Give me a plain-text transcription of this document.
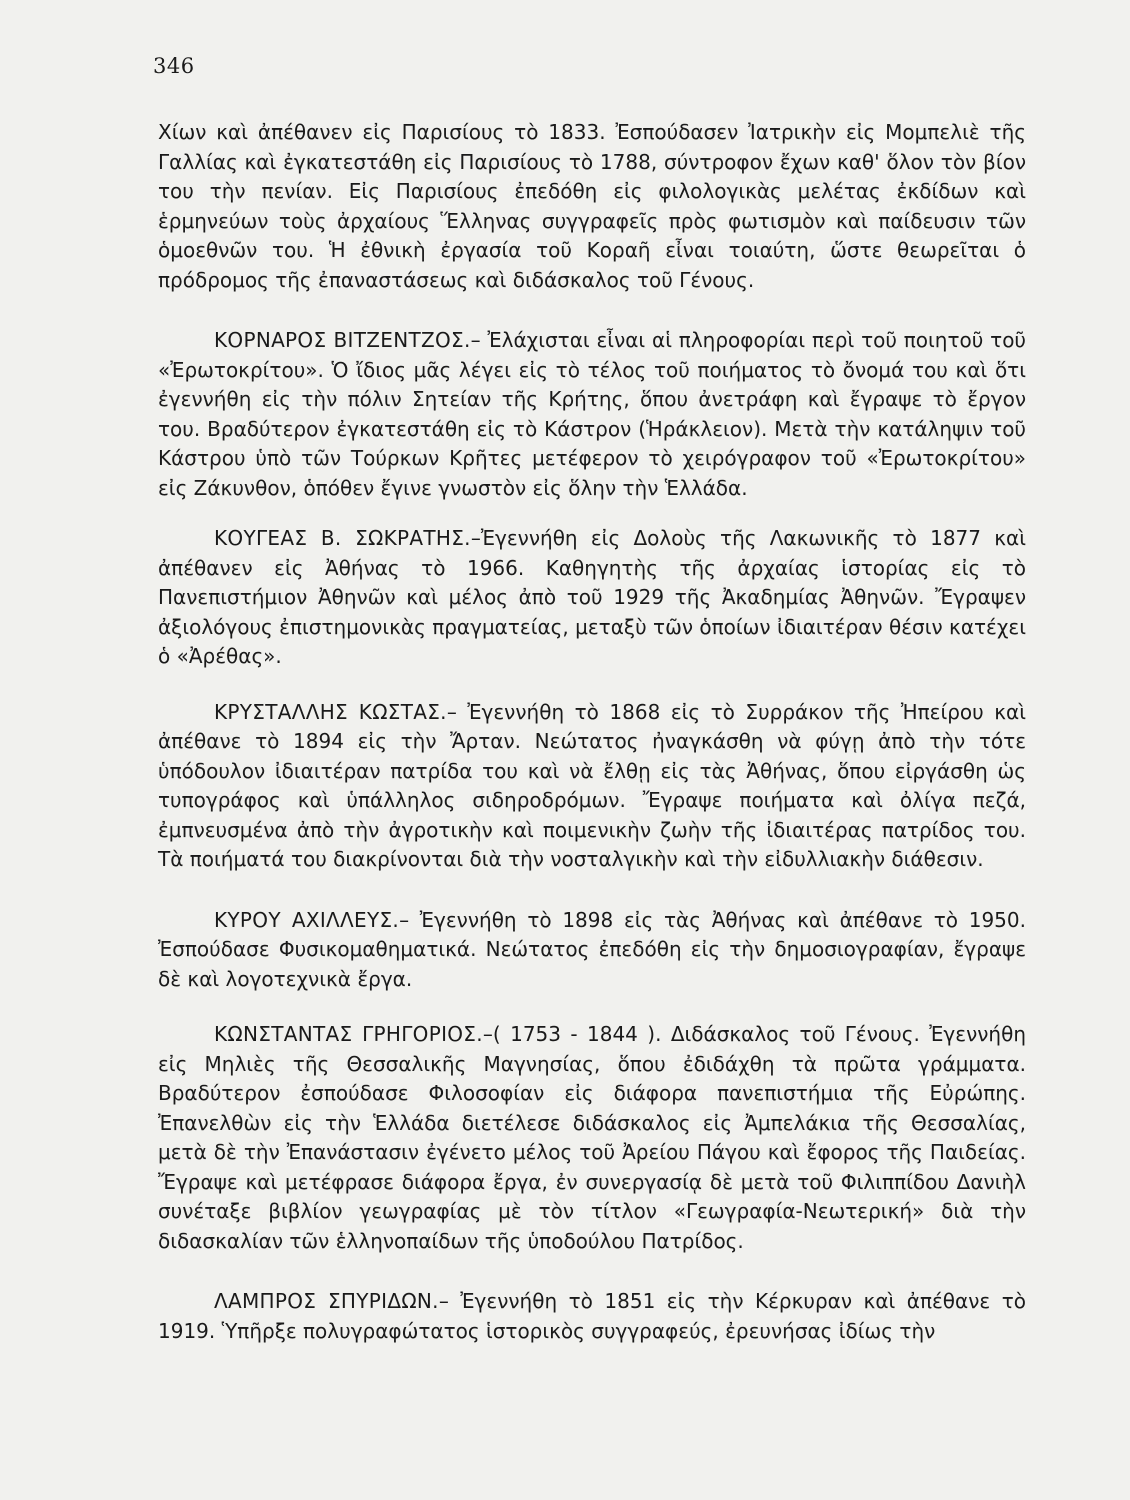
346

Χίων καὶ ἀπέθανεν εἰς Παρισίους τὸ 1833. Ἐσπούδασεν Ἰατρικὴν εἰς Μομπελιὲ τῆς Γαλλίας καὶ ἐγκατεστάθη εἰς Παρισίους τὸ 1788, σύντροφον ἔχων καθ' ὅλον τὸν βίον του τὴν πενίαν. Εἰς Παρισίους ἐπεδόθη εἰς φιλολογικὰς μελέτας ἐκδίδων καὶ ἑρμηνεύων τοὺς ἀρχαίους Ἕλληνας συγγραφεῖς πρὸς φωτισμὸν καὶ παίδευσιν τῶν ὁμοεθνῶν του. Ἡ ἐθνικὴ ἐργασία τοῦ Κοραῆ εἶναι τοιαύτη, ὥστε θεωρεῖται ὁ πρόδρομος τῆς ἐπαναστάσεως καὶ διδάσκαλος τοῦ Γένους.

ΚΟΡΝΑΡΟΣ ΒΙΤΖΕΝΤΖΟΣ.– Ἐλάχισται εἶναι αἱ πληροφορίαι περὶ τοῦ ποιητοῦ τοῦ «Ἐρωτοκρίτου». Ὁ ἴδιος μᾶς λέγει εἰς τὸ τέλος τοῦ ποιήματος τὸ ὄνομά του καὶ ὅτι ἐγεννήθη εἰς τὴν πόλιν Σητείαν τῆς Κρήτης, ὅπου ἀνετράφη καὶ ἔγραψε τὸ ἔργον του. Βραδύτερον ἐγκατεστάθη εἰς τὸ Κάστρον (Ἡράκλειον). Μετὰ τὴν κατάληψιν τοῦ Κάστρου ὑπὸ τῶν Τούρκων Κρῆτες μετέφερον τὸ χειρόγραφον τοῦ «Ἐρωτοκρίτου» εἰς Ζάκυνθον, ὁπόθεν ἔγινε γνωστὸν εἰς ὅλην τὴν Ἑλλάδα.

ΚΟΥΓΕΑΣ Β. ΣΩΚΡΑΤΗΣ.–Ἐγεννήθη εἰς Δολοὺς τῆς Λακωνικῆς τὸ 1877 καὶ ἀπέθανεν εἰς Ἀθήνας τὸ 1966. Καθηγητὴς τῆς ἀρχαίας ἱστορίας εἰς τὸ Πανεπιστήμιον Ἀθηνῶν καὶ μέλος ἀπὸ τοῦ 1929 τῆς Ἀκαδημίας Ἀθηνῶν. Ἔγραψεν ἀξιολόγους ἐπιστημονικὰς πραγματείας, μεταξὺ τῶν ὁποίων ἰδιαιτέραν θέσιν κατέχει ὁ «Ἀρέθας».

ΚΡΥΣΤΑΛΛΗΣ ΚΩΣΤΑΣ.– Ἐγεννήθη τὸ 1868 εἰς τὸ Συρράκον τῆς Ἠπείρου καὶ ἀπέθανε τὸ 1894 εἰς τὴν Ἄρταν. Νεώτατος ἠναγκάσθη νὰ φύγῃ ἀπὸ τὴν τότε ὑπόδουλον ἰδιαιτέραν πατρίδα του καὶ νὰ ἔλθῃ εἰς τὰς Ἀθήνας, ὅπου εἰργάσθη ὡς τυπογράφος καὶ ὑπάλληλος σιδηροδρόμων. Ἔγραψε ποιήματα καὶ ὀλίγα πεζά, ἐμπνευσμένα ἀπὸ τὴν ἀγροτικὴν καὶ ποιμενικὴν ζωὴν τῆς ἰδιαιτέρας πατρίδος του. Τὰ ποιήματά του διακρίνονται διὰ τὴν νοσταλγικὴν καὶ τὴν εἰδυλλιακὴν διάθεσιν.

ΚΥΡΟΥ ΑΧΙΛΛΕΥΣ.– Ἐγεννήθη τὸ 1898 εἰς τὰς Ἀθήνας καὶ ἀπέθανε τὸ 1950. Ἐσπούδασε Φυσικομαθηματικά. Νεώτατος ἐπεδόθη εἰς τὴν δημοσιογραφίαν, ἔγραψε δὲ καὶ λογοτεχνικὰ ἔργα.

ΚΩΝΣΤΑΝΤΑΣ ΓΡΗΓΟΡΙΟΣ.–( 1753 - 1844 ). Διδάσκαλος τοῦ Γένους. Ἐγεννήθη εἰς Μηλιὲς τῆς Θεσσαλικῆς Μαγνησίας, ὅπου ἐδιδάχθη τὰ πρῶτα γράμματα. Βραδύτερον ἐσπούδασε Φιλοσοφίαν εἰς διάφορα πανεπιστήμια τῆς Εὐρώπης. Ἐπανελθὼν εἰς τὴν Ἑλλάδα διετέλεσε διδάσκαλος εἰς Ἀμπελάκια τῆς Θεσσαλίας, μετὰ δὲ τὴν Ἐπανάστασιν ἐγένετο μέλος τοῦ Ἀρείου Πάγου καὶ ἔφορος τῆς Παιδείας. Ἔγραψε καὶ μετέφρασε διάφορα ἔργα, ἐν συνεργασίᾳ δὲ μετὰ τοῦ Φιλιππίδου Δανιὴλ συνέταξε βιβλίον γεωγραφίας μὲ τὸν τίτλον «Γεωγραφία-Νεωτερική» διὰ τὴν διδασκαλίαν τῶν ἑλληνοπαίδων τῆς ὑποδούλου Πατρίδος.

ΛΑΜΠΡΟΣ ΣΠΥΡΙΔΩΝ.– Ἐγεννήθη τὸ 1851 εἰς τὴν Κέρκυραν καὶ ἀπέθανε τὸ 1919. Ὑπῆρξε πολυγραφώτατος ἱστορικὸς συγγραφεύς, ἐρευνήσας ἰδίως τὴν
